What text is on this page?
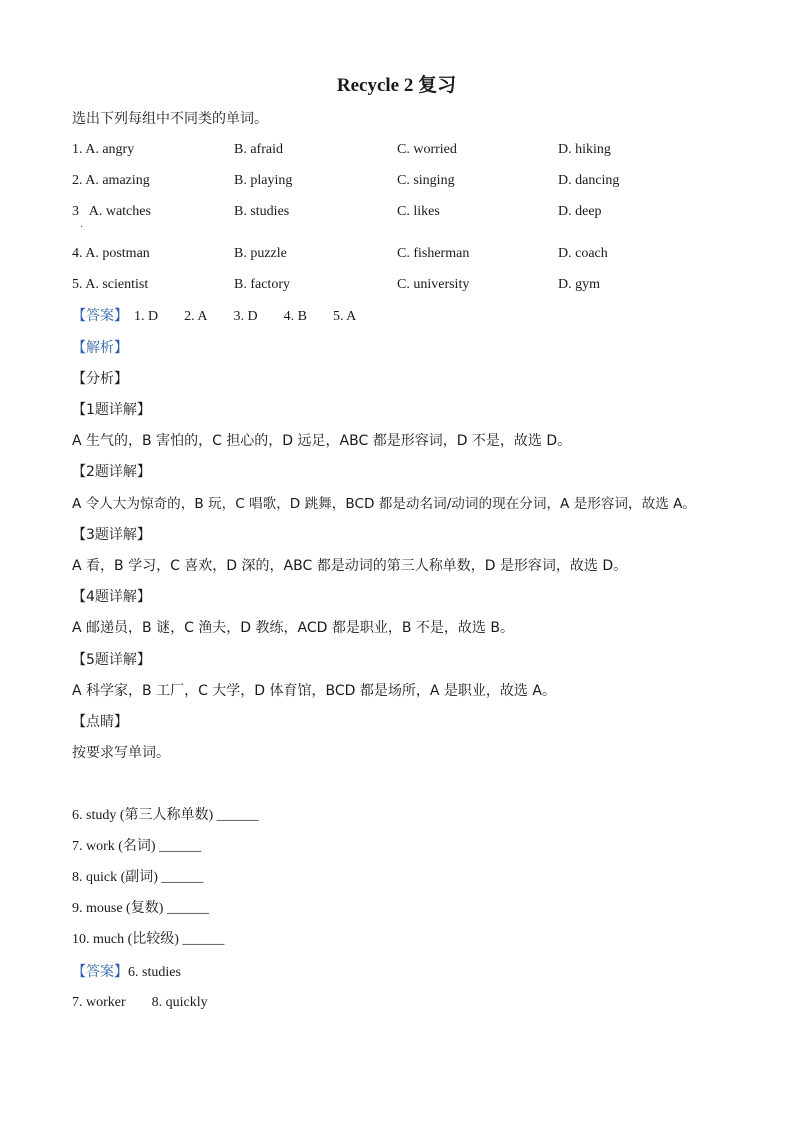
Recycle 2 复习
选出下列每组中不同类的单词。
1. A. angry	B. afraid	C. worried	D. hiking
2. A. amazing	B. playing	C. singing	D. dancing
3   A. watches	B. studies	C. likes	D. deep
·
4. A. postman	B. puzzle	C. fisherman	D. coach
5. A. scientist	B. factory	C. university	D. gym
【答案】 1. D 2. A 3. D 4. B 5. A
【解析】
【分析】
【1题详解】
A 生气的，B 害怕的，C 担心的，D 远足，ABC 都是形容词，D 不是，故选 D。
【2题详解】
A 令人大为惊奇的，B 玩，C 唱歌，D 跳舞，BCD 都是动名词/动词的现在分词，A 是形容词，故选 A。
【3题详解】
A 看，B 学习，C 喜欢，D 深的，ABC 都是动词的第三人称单数，D 是形容词，故选 D。
【4题详解】
A 邮递员，B 谜，C 渔夫，D 教练，ACD 都是职业，B 不是，故选 B。
【5题详解】
A 科学家，B 工厂，C 大学，D 体育馆，BCD 都是场所，A 是职业，故选 A。
【点睛】
按要求写单词。
6. study (第三人称单数) ______
7. work (名词) ______
8. quick (副词) ______
9. mouse (复数) ______
10. much (比较级) ______
【答案】6. studies
7. worker 8. quickly
